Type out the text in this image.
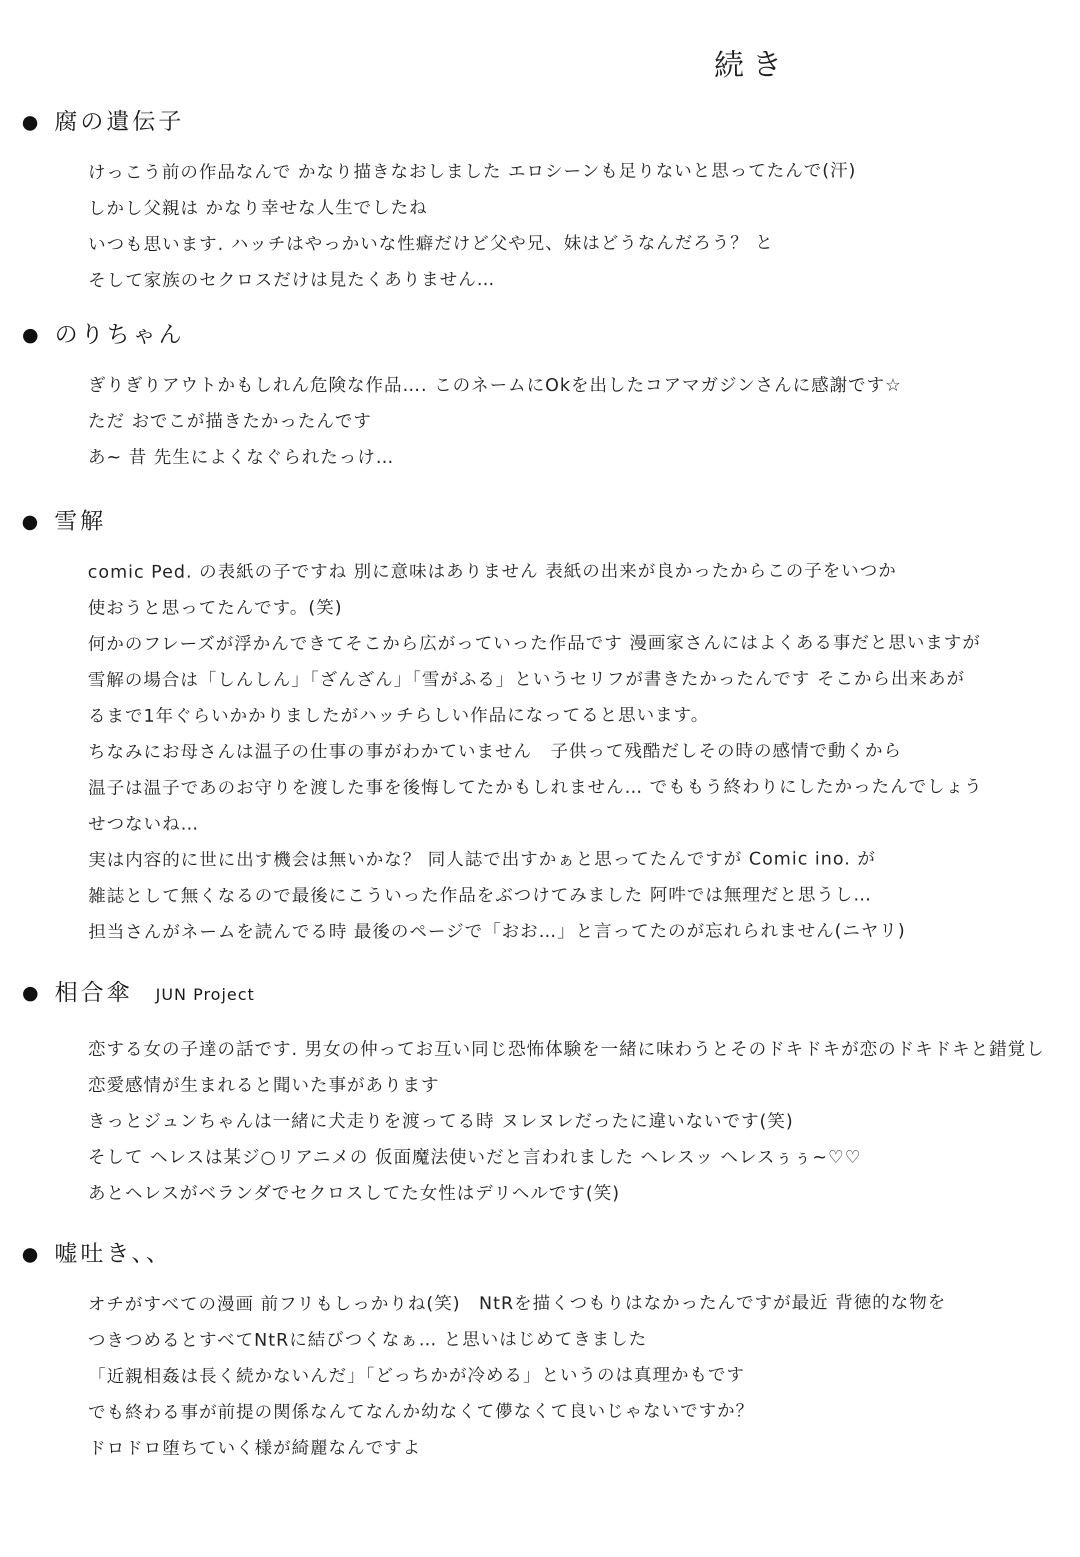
続き
● 腐の遺伝子
けっこう前の作品なんで かなり描きなおしました エロシーンも足りないと思ってたんで(汗)
しかし父親は かなり幸せな人生でしたね
いつも思います. ハッチはやっかいな性癖だけど父や兄、妹はどうなんだろう？ と
そして家族のセクロスだけは見たくありません…
● のりちゃん
ぎりぎりアウトかもしれん危険な作品…. このネームにOkを出したコアマガジンさんに感謝です☆
ただ おでこが描きたかったんです
あ~ 昔 先生によくなぐられたっけ…
● 雪解
comic Ped. の表紙の子ですね 別に意味はありません 表紙の出来が良かったからこの子をいつか
使おうと思ってたんです。(笑)
何かのフレーズが浮かんできてそこから広がっていった作品です 漫画家さんにはよくある事だと思いますが
雪解の場合は「しんしん」「ざんざん」「雪がふる」というセリフが書きたかったんです そこから出来あが
るまで1年ぐらいかかりましたがハッチらしい作品になってると思います。
ちなみにお母さんは温子の仕事の事がわかていません　子供って残酷だしその時の感情で動くから
温子は温子であのお守りを渡した事を後悔してたかもしれません… でももう終わりにしたかったんでしょう
せつないね…
実は内容的に世に出す機会は無いかな？ 同人誌で出すかぁと思ってたんですが Comic ino. が
雑誌として無くなるので最後にこういった作品をぶつけてみました 阿吽では無理だと思うし…
担当さんがネームを読んでる時 最後のページで「おお…」と言ってたのが忘れられません(ニヤリ)
● 相合傘 JUN Project
恋する女の子達の話です. 男女の仲ってお互い同じ恐怖体験を一緒に味わうとそのドキドキが恋のドキドキと錯覚し
恋愛感情が生まれると聞いた事があります
きっとジュンちゃんは一緒に犬走りを渡ってる時 ヌレヌレだったに違いないです(笑)
そして ヘレスは某ジ○リアニメの 仮面魔法使いだと言われました ヘレスッ ヘレスぅぅ~♡♡
あとヘレスがベランダでセクロスしてた女性はデリヘルです(笑)
● 嘘吐き、、
オチがすべての漫画 前フリもしっかりね(笑)　NtRを描くつもりはなかったんですが最近 背徳的な物を
つきつめるとすべてNtRに結びつくなぁ… と思いはじめてきました
「近親相姦は長く続かないんだ」「どっちかが冷める」というのは真理かもです
でも終わる事が前提の関係なんてなんか幼なくて儚なくて良いじゃないですか？
ドロドロ堕ちていく様が綺麗なんですよ
